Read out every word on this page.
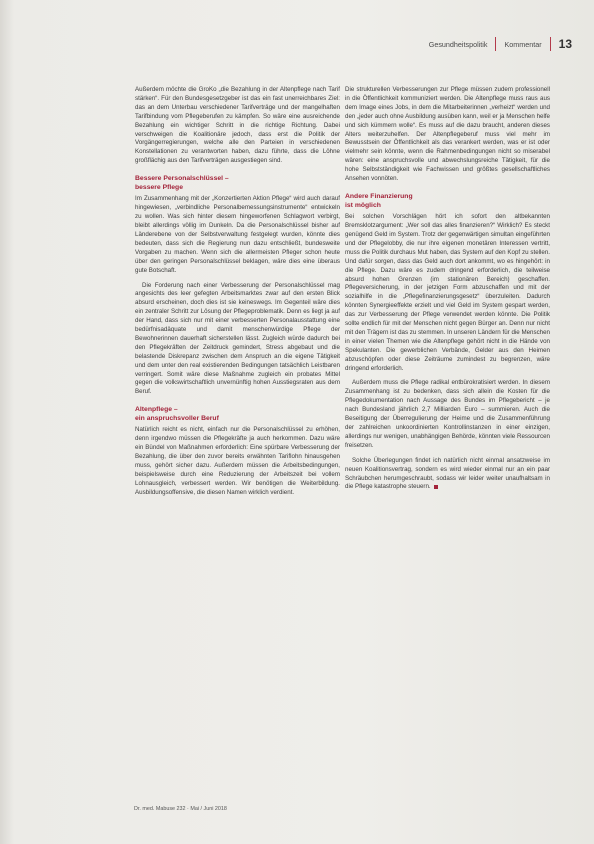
Gesundheitspolitik Kommentar	13

Außerdem möchte die GroKo „die Bezahlung in der Altenpflege nach Tarif stärken“. Für den Bundesgesetzgeber ist das ein fast unerreichbares Ziel: das an dem Unterbau verschiedener Tarifverträge und der mangelhaften Tarifbindung vom Pflegeberufen zu kämpfen. So wäre eine ausreichende Bezahlung ein wichtiger Schritt in die richtige Richtung. Dabei verschweigen die Koalitionäre jedoch, dass erst die Politik der Vorgängerregierungen, welche alle den Parteien in verschiedenen Konstellationen zu verantworten haben, dazu führte, dass die Löhne großflächig aus den Tarifverträgen ausgestiegen sind.

Bessere Personalschlüssel –
bessere Pflege

Im Zusammenhang mit der „Konzertierten Aktion Pflege“ wird auch darauf hingewiesen, „verbindliche Personalbemessungsinstrumente“ entwickeln zu wollen. Was sich hinter diesem hingeworfenen Schlagwort verbirgt, bleibt allerdings völlig im Dunkeln. Da die Personalschlüssel bisher auf Länderebene von der Selbstverwaltung festgelegt wurden, könnte dies bedeuten, dass sich die Regierung nun dazu entschließt, bundesweite Vorgaben zu machen. Wenn sich die allermeisten Pfleger schon heute über den geringen Personalschlüssel beklagen, wäre dies eine überaus gute Botschaft.

Die Forderung nach einer Verbesserung der Personalschlüssel mag angesichts des leer gefegten Arbeitsmarktes zwar auf den ersten Blick absurd erscheinen, doch dies ist sie keineswegs. Im Gegenteil wäre dies ein zentraler Schritt zur Lösung der Pflegeproblematik. Denn es liegt ja auf der Hand, dass sich nur mit einer verbesserten Personalausstattung eine bedürfnisadäquate und damit menschenwürdige Pflege der Bewohnerinnen dauerhaft sicherstellen lässt. Zugleich würde dadurch bei den Pflegekräften der Zeitdruck gemindert, Stress abgebaut und die belastende Diskrepanz zwischen dem Anspruch an die eigene Tätigkeit und dem unter den real existierenden Bedingungen tatsächlich Leistbaren verringert. Somit wäre diese Maßnahme zugleich ein probates Mittel gegen die volkswirtschaftlich unvernünftig hohen Ausstiegsraten aus dem Beruf.

Altenpflege –
ein anspruchsvoller Beruf

Natürlich reicht es nicht, einfach nur die Personalschlüssel zu erhöhen, denn irgendwo müssen die Pflegekräfte ja auch herkommen. Dazu wäre ein Bündel von Maßnahmen erforderlich: Eine spürbare Verbesserung der Bezahlung, die über den zuvor bereits erwähnten Tariflohn hinausgehen muss, gehört sicher dazu. Außerdem müssen die Arbeitsbedingungen, beispielsweise durch eine Reduzierung der Arbeitszeit bei vollem Lohnausgleich, verbessert werden. Wir benötigen die Weiterbildung. Ausbildungsoffensive, die diesen Namen wirklich verdient.

Die strukturellen Verbesserungen zur Pflege müssen zudem professionell in die Öffentlichkeit kommuniziert werden. Die Altenpflege muss raus aus dem Image eines Jobs, in dem die Mitarbeiterinnen „verheizt“ werden und den „jeder auch ohne Ausbildung ausüben kann, weil er ja Menschen helfe und sich kümmern wolle“. Es muss auf die dazu braucht, anderen dieses Alters weiterzuhelfen. Der Altenpflegeberuf muss viel mehr im Bewusstsein der Öffentlichkeit als das verankert werden, was er ist oder vielmehr sein könnte, wenn die Rahmenbedingungen nicht so miserabel wären: eine anspruchsvolle und abwechslungsreiche Tätigkeit, für die hohe Selbstständigkeit wie Fachwissen und größtes gesellschaftliches Ansehen vonnöten.

Andere Finanzierung
ist möglich

Bei solchen Vorschlägen hört ich sofort den altbekannten Bremsklotzargument: „Wer soll das alles finanzieren?“ Wirklich? Es steckt genügend Geld im System. Trotz der gegenwärtigen simultan eingeführten und der Pflegelobby, die nur ihre eigenen monetären Interessen vertritt, muss die Politik durchaus Mut haben, das System auf den Kopf zu stellen. Und dafür sorgen, dass das Geld auch dort ankommt, wo es hingehört: in die Pflege. Dazu wäre es zudem dringend erforderlich, die teilweise absurd hohen Grenzen (im stationären Bereich) geschaffen. Pflegeversicherung, in der jetzigen Form abzuschaffen und mit der sozialhilfe in die „Pflegefinanzierungsgesetz“ überzuleiten. Dadurch könnten Synergieeffekte erzielt und viel Geld im System gespart werden, das zur Verbesserung der Pflege verwendet werden könnte. Die Politik sollte endlich für mit der Menschen nicht gegen Bürger an. Denn nur nicht mit den Trägern ist das zu stemmen. In unseren Ländern für die Menschen in einer vielen Themen wie die Altenpflege gehört nicht in die Hände von Spekulanten. Die gewerblichen Verbände, Gelder aus den Heimen abzuschöpfen oder diese Zeiträume zumindest zu begrenzen, wäre dringend erforderlich.

Außerdem muss die Pflege radikal entbürokratisiert werden. In diesem Zusammenhang ist zu bedenken, dass sich allein die Kosten für die Pflegedokumentation nach Aussage des Bundes im Pflegebericht – je nach Bundesland jährlich 2,7 Milliarden Euro – summieren. Auch die Beseitigung der Überregulierung der Heime und die Zusammenführung der zahlreichen unkoordinierten Kontrollinstanzen in einer einzigen, allerdings nur wenigen, unabhängigen Behörde, könnten viele Ressourcen freisetzen.

Solche Überlegungen findet ich natürlich nicht einmal ansatzweise im neuen Koalitionsvertrag, sondern es wird wieder einmal nur an ein paar Schräubchen herumgeschraubt, sodass wir leider weiter unaufhaltsam in die Pflege katastrophe steuern.

Dr. med. Mabuse 232 · Mai / Juni 2018
